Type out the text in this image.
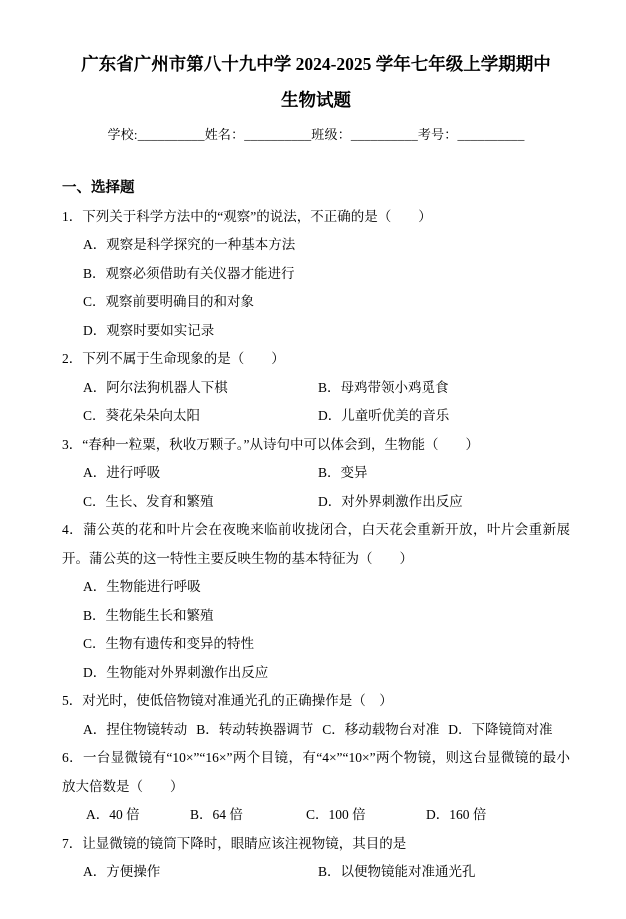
广东省广州市第八十九中学 2024-2025 学年七年级上学期期中
生物试题
学校:__________姓名：__________班级：__________考号：__________
一、选择题
1．下列关于科学方法中的“观察”的说法，不正确的是（　　）
A．观察是科学探究的一种基本方法
B．观察必须借助有关仪器才能进行
C．观察前要明确目的和对象
D．观察时要如实记录
2．下列不属于生命现象的是（　　）
A．阿尔法狗机器人下棋	B．母鸡带领小鸡觅食
C．葵花朵朵向太阳	D．儿童听优美的音乐
3．“春种一粒粟，秋收万颗子。”从诗句中可以体会到，生物能（　　）
A．进行呼吸	B．变异
C．生长、发育和繁殖	D．对外界刺激作出反应
4．蒲公英的花和叶片会在夜晚来临前收拢闭合，白天花会重新开放，叶片会重新展开。蒲公英的这一特性主要反映生物的基本特征为（　　）
A．生物能进行呼吸
B．生物能生长和繁殖
C．生物有遗传和变异的特性
D．生物能对外界刺激作出反应
5．对光时，使低倍物镜对准通光孔的正确操作是（　）
A．捏住物镜转动 B．转动转换器调节 C．移动载物台对准 D．下降镜筒对准
6．一台显微镜有“10×”“16×”两个目镜，有“4×”“10×”两个物镜，则这台显微镜的最小放大倍数是（　　）
A．40 倍	B．64 倍	C．100 倍	D．160 倍
7．让显微镜的镜筒下降时，眼睛应该注视物镜，其目的是
A．方便操作	B．以便物镜能对准通光孔
